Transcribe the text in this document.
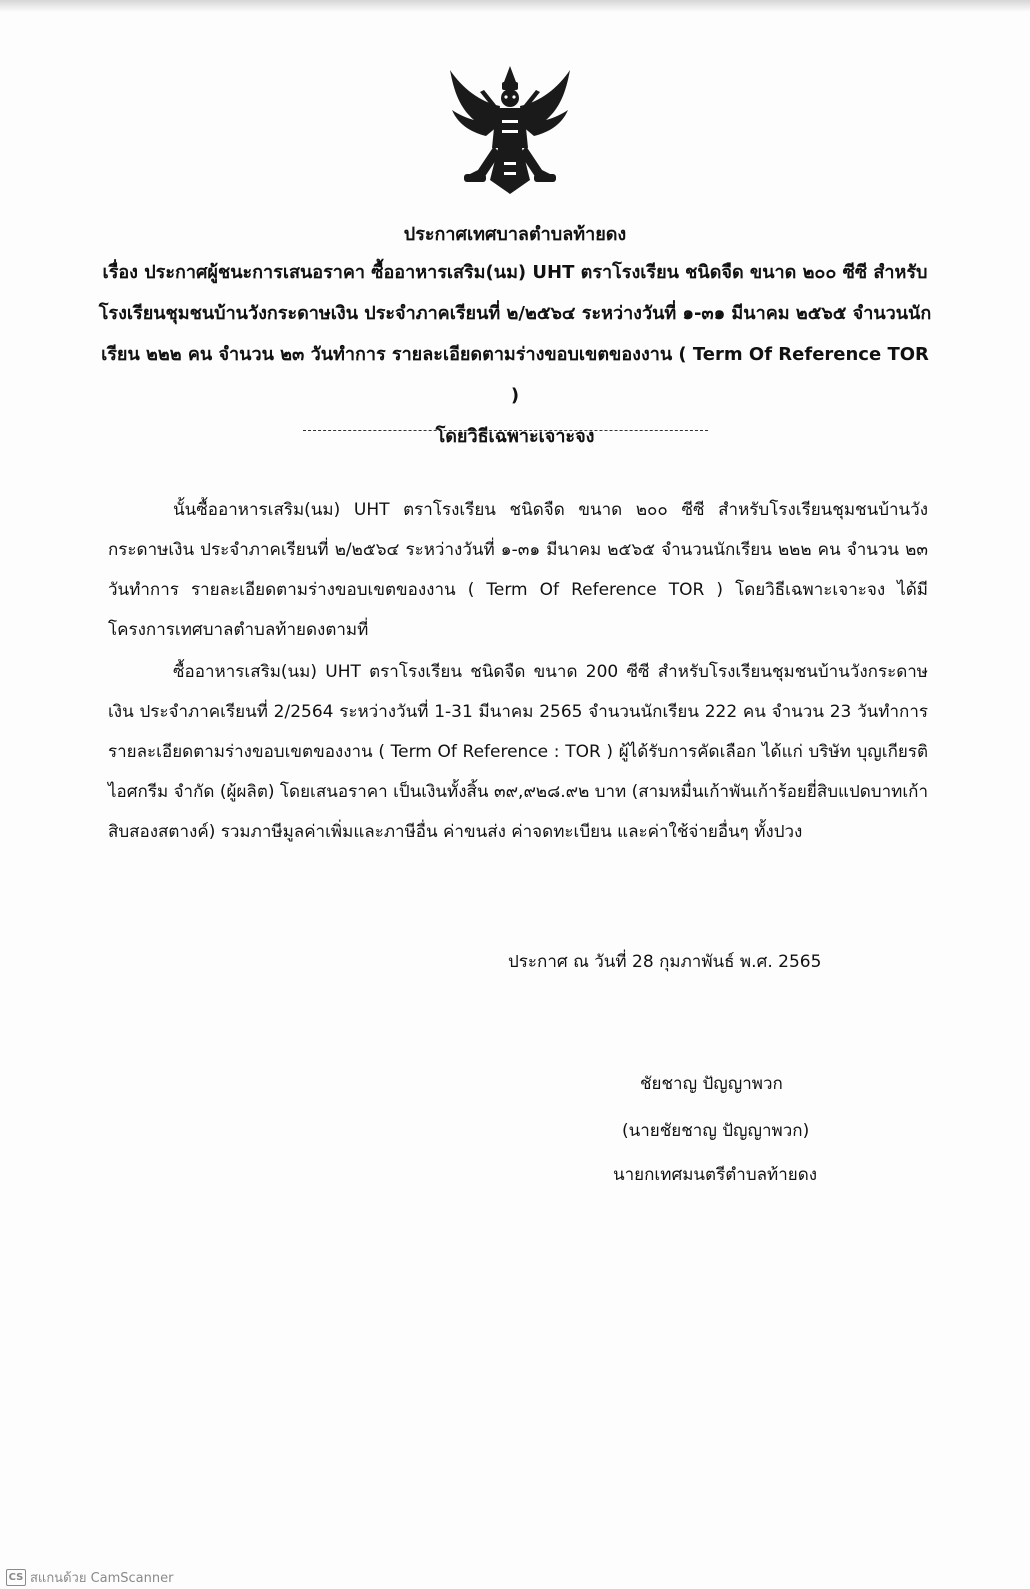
ประกาศเทศบาลตำบลท้ายดง
เรื่อง ประกาศผู้ชนะการเสนอราคา ซื้ออาหารเสริม(นม) UHT ตราโรงเรียน ชนิดจืด ขนาด ๒๐๐ ซีซี สำหรับ
โรงเรียนชุมชนบ้านวังกระดาษเงิน ประจำภาคเรียนที่ ๒/๒๕๖๔ ระหว่างวันที่ ๑-๓๑ มีนาคม ๒๕๖๕ จำนวนนัก
เรียน ๒๒๒ คน จำนวน ๒๓ วันทำการ รายละเอียดตามร่างขอบเขตของงาน ( Term Of Reference TOR )
โดยวิธีเฉพาะเจาะจง

นั้นซื้ออาหารเสริม(นม) UHT ตราโรงเรียน ชนิดจืด ขนาด ๒๐๐ ซีซี สำหรับโรงเรียนชุมชนบ้านวังกระดาษเงิน ประจำภาคเรียนที่ ๒/๒๕๖๔ ระหว่างวันที่ ๑-๓๑ มีนาคม ๒๕๖๕ จำนวนนักเรียน ๒๒๒ คน จำนวน ๒๓ วันทำการ รายละเอียดตามร่างขอบเขตของงาน ( Term Of Reference TOR ) โดยวิธีเฉพาะเจาะจง ได้มีโครงการเทศบาลตำบลท้ายดงตามที่

ซื้ออาหารเสริม(นม) UHT ตราโรงเรียน ชนิดจืด ขนาด 200 ซีซี สำหรับโรงเรียนชุมชนบ้านวังกระดาษเงิน ประจำภาคเรียนที่ 2/2564 ระหว่างวันที่ 1-31 มีนาคม 2565 จำนวนนักเรียน 222 คน จำนวน 23 วันทำการ รายละเอียดตามร่างขอบเขตของงาน ( Term Of Reference : TOR ) ผู้ได้รับการคัดเลือก ได้แก่ บริษัท บุญเกียรติ ไอศกรีม จำกัด (ผู้ผลิต) โดยเสนอราคา เป็นเงินทั้งสิ้น ๓๙,๙๒๘.๙๒ บาท (สามหมื่นเก้าพันเก้าร้อยยี่สิบแปดบาทเก้าสิบสองสตางค์) รวมภาษีมูลค่าเพิ่มและภาษีอื่น ค่าขนส่ง ค่าจดทะเบียน และค่าใช้จ่ายอื่นๆ ทั้งปวง

ประกาศ ณ วันที่ 28 กุมภาพันธ์ พ.ศ. 2565
ชัยชาญ ปัญญาพวก
(นายชัยชาญ ปัญญาพวก)
นายกเทศมนตรีตำบลท้ายดง
CS สแกนด้วย CamScanner
